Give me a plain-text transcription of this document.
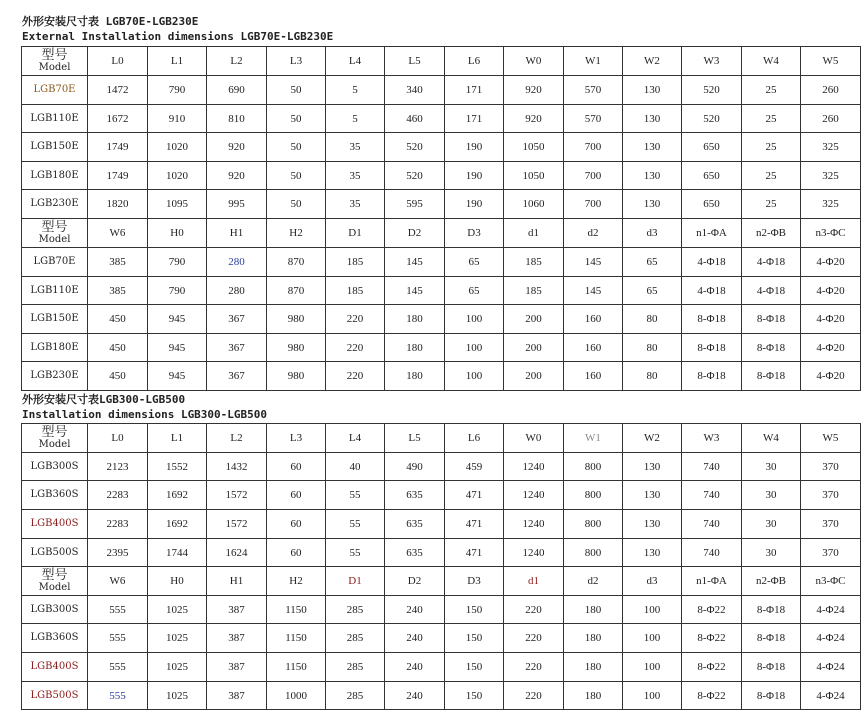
外形安装尺寸表 LGB70E-LGB230E
External Installation dimensions LGB70E-LGB230E
型号
Model	L0	L1	L2	L3	L4	L5	L6	W0	W1	W2	W3	W4	W5
LGB70E	1472	790	690	50	5	340	171	920	570	130	520	25	260
LGB110E	1672	910	810	50	5	460	171	920	570	130	520	25	260
LGB150E	1749	1020	920	50	35	520	190	1050	700	130	650	25	325
LGB180E	1749	1020	920	50	35	520	190	1050	700	130	650	25	325
LGB230E	1820	1095	995	50	35	595	190	1060	700	130	650	25	325

型号
Model	W6	H0	H1	H2	D1	D2	D3	d1	d2	d3	n1-ΦA	n2-ΦB	n3-ΦC
LGB70E	385	790	280	870	185	145	65	185	145	65	4-Φ18	4-Φ18	4-Φ20
LGB110E	385	790	280	870	185	145	65	185	145	65	4-Φ18	4-Φ18	4-Φ20
LGB150E	450	945	367	980	220	180	100	200	160	80	8-Φ18	8-Φ18	4-Φ20
LGB180E	450	945	367	980	220	180	100	200	160	80	8-Φ18	8-Φ18	4-Φ20
LGB230E	450	945	367	980	220	180	100	200	160	80	8-Φ18	8-Φ18	4-Φ20
外形安装尺寸表LGB300-LGB500
Installation dimensions LGB300-LGB500
型号
Model	L0	L1	L2	L3	L4	L5	L6	W0	W1	W2	W3	W4	W5
LGB300S	2123	1552	1432	60	40	490	459	1240	800	130	740	30	370
LGB360S	2283	1692	1572	60	55	635	471	1240	800	130	740	30	370
LGB400S	2283	1692	1572	60	55	635	471	1240	800	130	740	30	370
LGB500S	2395	1744	1624	60	55	635	471	1240	800	130	740	30	370

型号
Model	W6	H0	H1	H2	D1	D2	D3	d1	d2	d3	n1-ΦA	n2-ΦB	n3-ΦC
LGB300S	555	1025	387	1150	285	240	150	220	180	100	8-Φ22	8-Φ18	4-Φ24
LGB360S	555	1025	387	1150	285	240	150	220	180	100	8-Φ22	8-Φ18	4-Φ24
LGB400S	555	1025	387	1150	285	240	150	220	180	100	8-Φ22	8-Φ18	4-Φ24
LGB500S	555	1025	387	1000	285	240	150	220	180	100	8-Φ22	8-Φ18	4-Φ24
